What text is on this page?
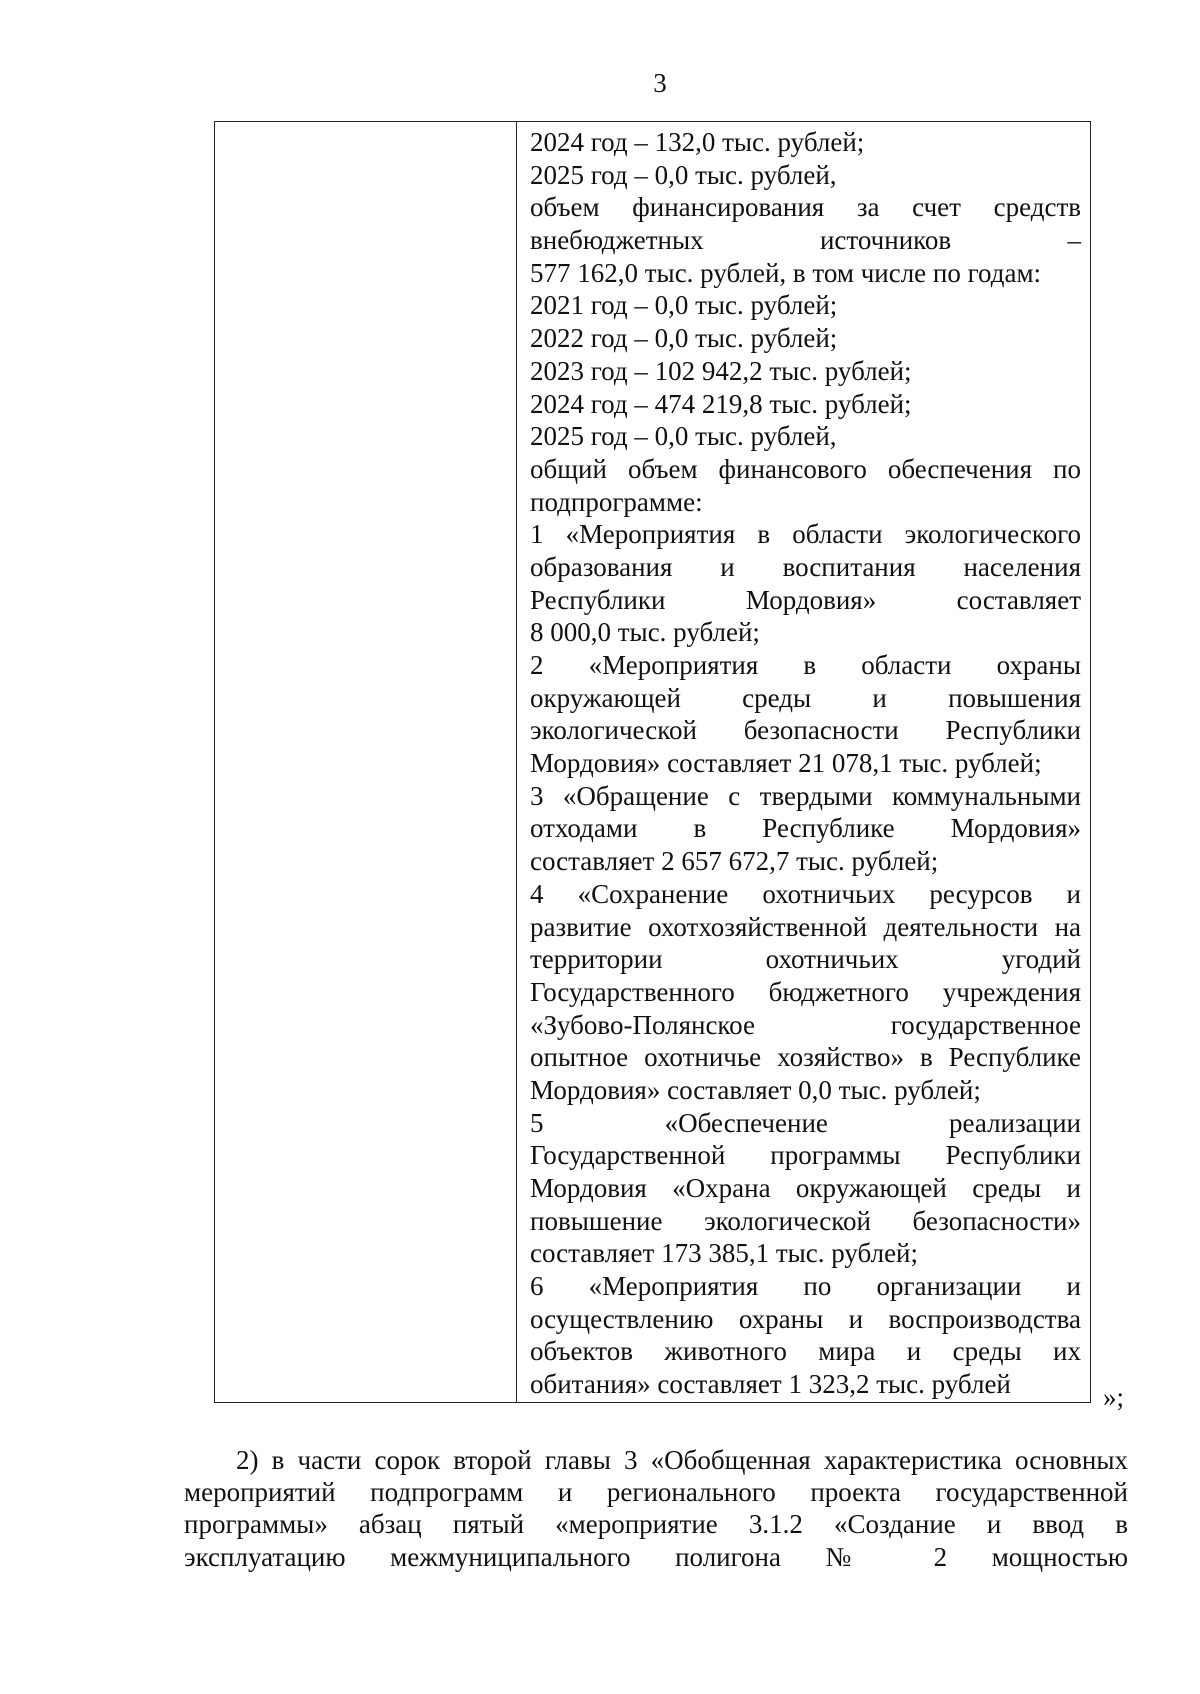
3
2024 год – 132,0 тыс. рублей;
2025 год – 0,0 тыс. рублей,
объем финансирования за счет средств
внебюджетных источников –
577 162,0 тыс. рублей, в том числе по годам:
2021 год – 0,0 тыс. рублей;
2022 год – 0,0 тыс. рублей;
2023 год – 102 942,2 тыс. рублей;
2024 год – 474 219,8 тыс. рублей;
2025 год – 0,0 тыс. рублей,
общий объем финансового обеспечения по
подпрограмме:
1 «Мероприятия в области экологического
образования и воспитания населения
Республики Мордовия» составляет
8 000,0 тыс. рублей;
2 «Мероприятия в области охраны
окружающей среды и повышения
экологической безопасности Республики
Мордовия» составляет 21 078,1 тыс. рублей;
3 «Обращение с твердыми коммунальными
отходами в Республике Мордовия»
составляет 2 657 672,7 тыс. рублей;
4 «Сохранение охотничьих ресурсов и
развитие охотхозяйственной деятельности на
территории охотничьих угодий
Государственного бюджетного учреждения
«Зубово-Полянское государственное
опытное охотничье хозяйство» в Республике
Мордовия» составляет 0,0 тыс. рублей;
5 «Обеспечение реализации
Государственной программы Республики
Мордовия «Охрана окружающей среды и
повышение экологической безопасности»
составляет 173 385,1 тыс. рублей;
6 «Мероприятия по организации и
осуществлению охраны и воспроизводства
объектов животного мира и среды их
обитания» составляет 1 323,2 тыс. рублей	»;
2) в части сорок второй главы 3 «Обобщенная характеристика основных
мероприятий подпрограмм и регионального проекта государственной
программы» абзац пятый «мероприятие 3.1.2 «Создание и ввод в
эксплуатацию межмуниципального полигона № 2 мощностью
